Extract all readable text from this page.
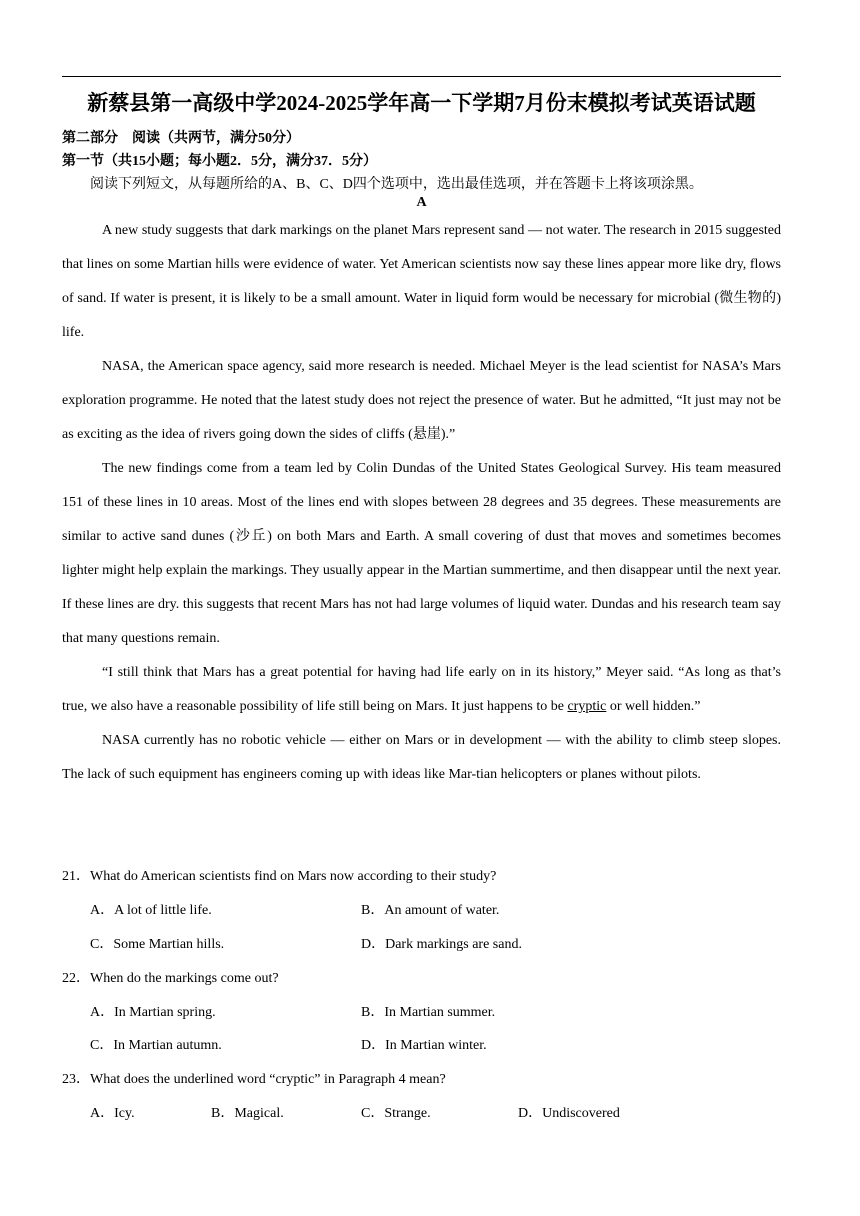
新蔡县第一高级中学2024-2025学年高一下学期7月份末模拟考试英语试题
第二部分　阅读（共两节，满分50分）
第一节（共15小题；每小题2．5分，满分37．5分）
阅读下列短文，从每题所给的A、B、C、D四个选项中，选出最佳选项，并在答题卡上将该项涂黑。
A

A new study suggests that dark markings on the planet Mars represent sand — not water. The research in 2015 suggested that lines on some Martian hills were evidence of water. Yet American scientists now say these lines appear more like dry, flows of sand. If water is present, it is likely to be a small amount. Water in liquid form would be necessary for microbial (微生物的) life.

NASA, the American space agency, said more research is needed. Michael Meyer is the lead scientist for NASA’s Mars exploration programme. He noted that the latest study does not reject the presence of water. But he admitted, “It just may not be as exciting as the idea of rivers going down the sides of cliffs (悬崖).”

The new findings come from a team led by Colin Dundas of the United States Geological Survey. His team measured 151 of these lines in 10 areas. Most of the lines end with slopes between 28 degrees and 35 degrees. These measurements are similar to active sand dunes (沙丘) on both Mars and Earth. A small covering of dust that moves and sometimes becomes lighter might help explain the markings. They usually appear in the Martian summertime, and then disappear until the next year. If these lines are dry. this suggests that recent Mars has not had large volumes of liquid water. Dundas and his research team say that many questions remain.

“I still think that Mars has a great potential for having had life early on in its history,” Meyer said. “As long as that’s true, we also have a reasonable possibility of life still being on Mars. It just happens to be cryptic or well hidden.”

NASA currently has no robotic vehicle — either on Mars or in development — with the ability to climb steep slopes. The lack of such equipment has engineers coming up with ideas like Mar-tian helicopters or planes without pilots.

21．What do American scientists find on Mars now according to their study?
A．A lot of little life.	B．An amount of water.
C．Some Martian hills.	D．Dark markings are sand.
22．When do the markings come out?
A．In Martian spring.	B．In Martian summer.
C．In Martian autumn.	D．In Martian winter.
23．What does the underlined word “cryptic” in Paragraph 4 mean?
A．Icy.	B．Magical.	C．Strange.	D．Undiscovered
